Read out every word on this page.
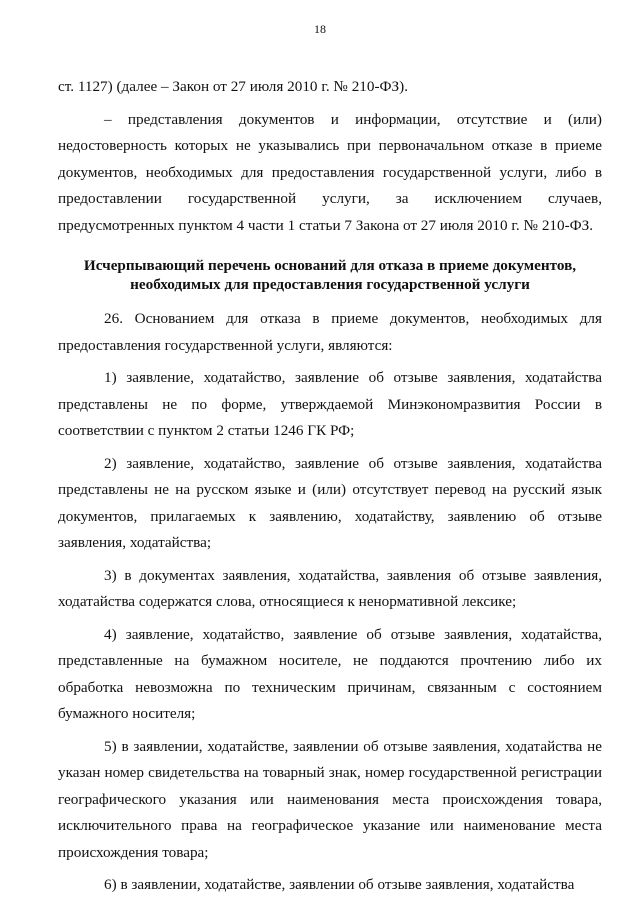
18

ст. 1127) (далее – Закон от 27 июля 2010 г. № 210-ФЗ).

– представления документов и информации, отсутствие и (или) недостоверность которых не указывались при первоначальном отказе в приеме документов, необходимых для предоставления государственной услуги, либо в предоставлении государственной услуги, за исключением случаев, предусмотренных пунктом 4 части 1 статьи 7 Закона от 27 июля 2010 г. № 210-ФЗ.

Исчерпывающий перечень оснований для отказа в приеме документов, необходимых для предоставления государственной услуги

26. Основанием для отказа в приеме документов, необходимых для предоставления государственной услуги, являются:

1) заявление, ходатайство, заявление об отзыве заявления, ходатайства представлены не по форме, утверждаемой Минэкономразвития России в соответствии с пунктом 2 статьи 1246 ГК РФ;

2) заявление, ходатайство, заявление об отзыве заявления, ходатайства представлены не на русском языке и (или) отсутствует перевод на русский язык документов, прилагаемых к заявлению, ходатайству, заявлению об отзыве заявления, ходатайства;

3) в документах заявления, ходатайства, заявления об отзыве заявления, ходатайства содержатся слова, относящиеся к ненормативной лексике;

4) заявление, ходатайство, заявление об отзыве заявления, ходатайства, представленные на бумажном носителе, не поддаются прочтению либо их обработка невозможна по техническим причинам, связанным с состоянием бумажного носителя;

5) в заявлении, ходатайстве, заявлении об отзыве заявления, ходатайства не указан номер свидетельства на товарный знак, номер государственной регистрации географического указания или наименования места происхождения товара, исключительного права на географическое указание или наименование места происхождения товара;

6) в заявлении, ходатайстве, заявлении об отзыве заявления, ходатайства
